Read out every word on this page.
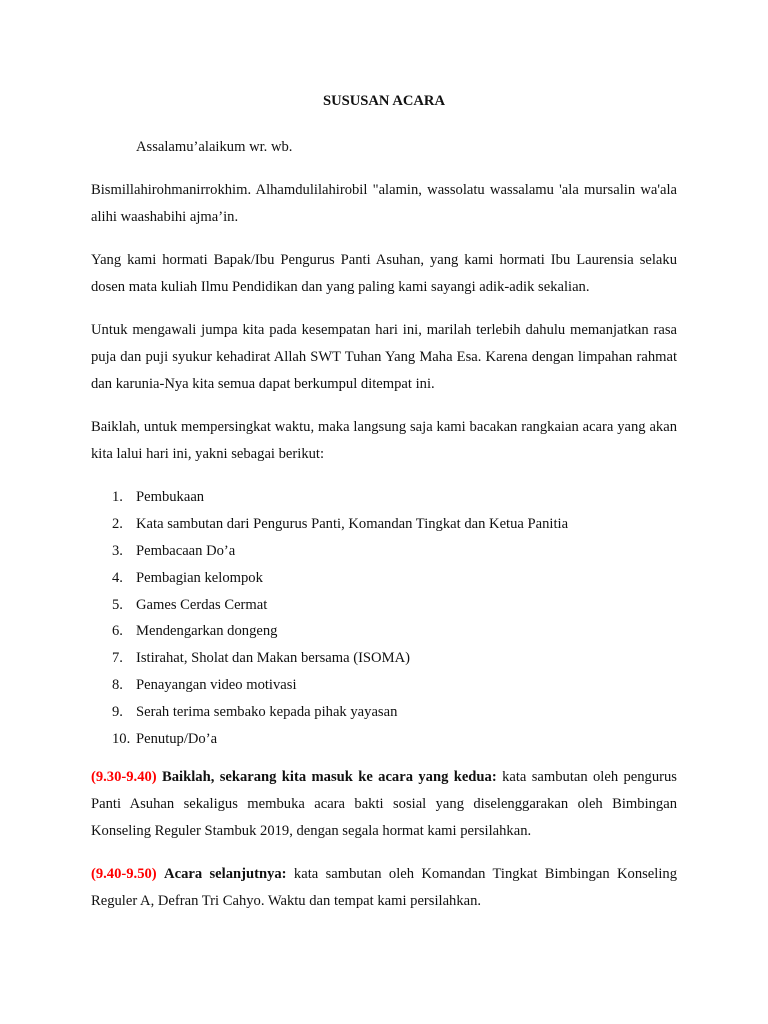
SUSUSAN ACARA
Assalamu’alaikum wr. wb.

Bismillahirohmanirrokhim. Alhamdulilahirobil "alamin, wassolatu wassalamu 'ala mursalin wa'ala alihi waashabihi ajma’in.

Yang kami hormati Bapak/Ibu Pengurus Panti Asuhan, yang kami hormati Ibu Laurensia selaku dosen mata kuliah Ilmu Pendidikan dan yang paling kami sayangi adik-adik sekalian.

Untuk mengawali jumpa kita pada kesempatan hari ini, marilah terlebih dahulu memanjatkan rasa puja dan puji syukur kehadirat Allah SWT Tuhan Yang Maha Esa. Karena dengan limpahan rahmat dan karunia-Nya kita semua dapat berkumpul ditempat ini.

Baiklah, untuk mempersingkat waktu, maka langsung saja kami bacakan rangkaian acara yang akan kita lalui hari ini, yakni sebagai berikut:

1. Pembukaan
2. Kata sambutan dari Pengurus Panti, Komandan Tingkat dan Ketua Panitia
3. Pembacaan Do’a
4. Pembagian kelompok
5. Games Cerdas Cermat
6. Mendengarkan dongeng
7. Istirahat, Sholat dan Makan bersama (ISOMA)
8. Penayangan video motivasi
9. Serah terima sembako kepada pihak yayasan
10. Penutup/Do’a

(9.30-9.40) Baiklah, sekarang kita masuk ke acara yang kedua: kata sambutan oleh pengurus Panti Asuhan sekaligus membuka acara bakti sosial yang diselenggarakan oleh Bimbingan Konseling Reguler Stambuk 2019, dengan segala hormat kami persilahkan.

(9.40-9.50) Acara selanjutnya: kata sambutan oleh Komandan Tingkat Bimbingan Konseling Reguler A, Defran Tri Cahyo. Waktu dan tempat kami persilahkan.
